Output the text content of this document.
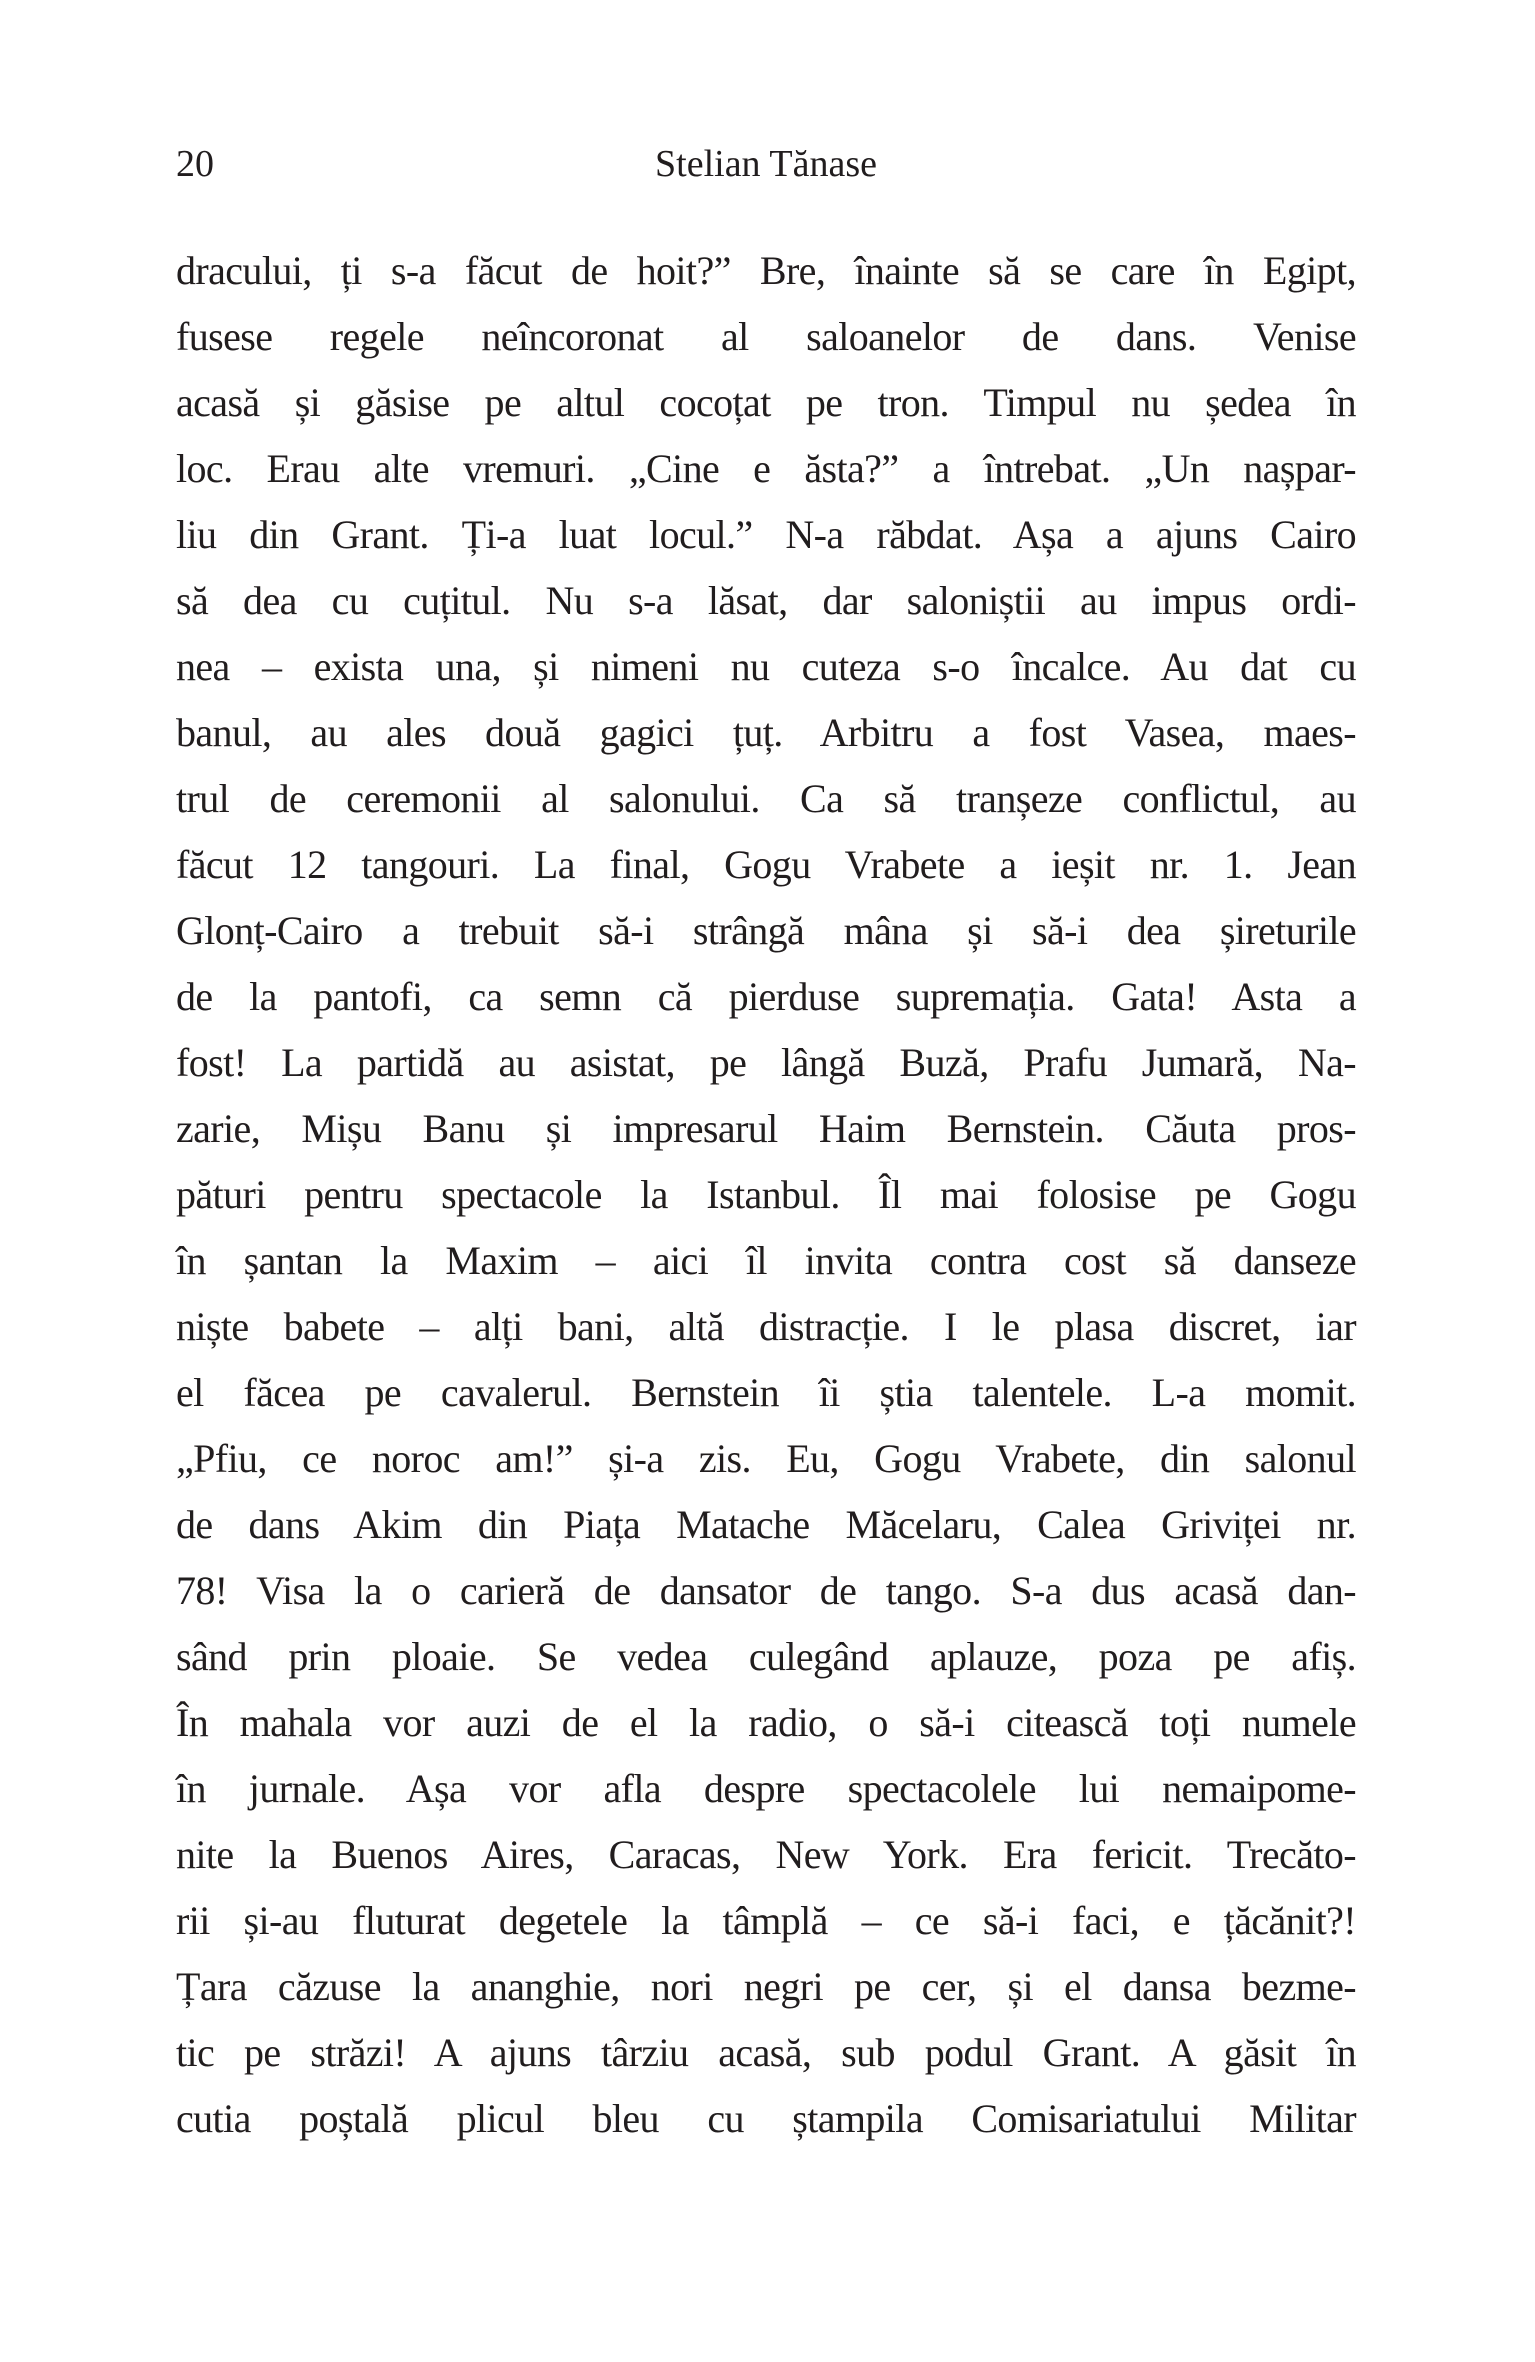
20	Stelian Tănase
dracului, ți s-a făcut de hoit?” Bre, înainte să se care în Egipt,
fusese regele neîncoronat al saloanelor de dans. Venise
acasă și găsise pe altul cocoțat pe tron. Timpul nu ședea în
loc. Erau alte vremuri. „Cine e ăsta?” a întrebat. „Un nașpar-
liu din Grant. Ți-a luat locul.” N-a răbdat. Așa a ajuns Cairo
să dea cu cuțitul. Nu s-a lăsat, dar saloniștii au impus ordi-
nea – exista una, și nimeni nu cuteza s-o încalce. Au dat cu
banul, au ales două gagici țuț. Arbitru a fost Vasea, maes-
trul de ceremonii al salonului. Ca să tranșeze conflictul, au
făcut 12 tangouri. La final, Gogu Vrabete a ieșit nr. 1. Jean
Glonț-Cairo a trebuit să-i strângă mâna și să-i dea șireturile
de la pantofi, ca semn că pierduse supremația. Gata! Asta a
fost! La partidă au asistat, pe lângă Buză, Prafu Jumară, Na-
zarie, Mișu Banu și impresarul Haim Bernstein. Căuta pros-
pături pentru spectacole la Istanbul. Îl mai folosise pe Gogu
în șantan la Maxim – aici îl invita contra cost să danseze
niște babete – alți bani, altă distracție. I le plasa discret, iar
el făcea pe cavalerul. Bernstein îi știa talentele. L-a momit.
„Pfiu, ce noroc am!” și-a zis. Eu, Gogu Vrabete, din salonul
de dans Akim din Piața Matache Măcelaru, Calea Griviței nr.
78! Visa la o carieră de dansator de tango. S-a dus acasă dan-
sând prin ploaie. Se vedea culegând aplauze, poza pe afiș.
În mahala vor auzi de el la radio, o să-i citească toți numele
în jurnale. Așa vor afla despre spectacolele lui nemaipome-
nite la Buenos Aires, Caracas, New York. Era fericit. Trecăto-
rii și-au fluturat degetele la tâmplă – ce să-i faci, e țăcănit?!
Țara căzuse la ananghie, nori negri pe cer, și el dansa bezme-
tic pe străzi! A ajuns târziu acasă, sub podul Grant. A găsit în
cutia poștală plicul bleu cu ștampila Comisariatului Militar
